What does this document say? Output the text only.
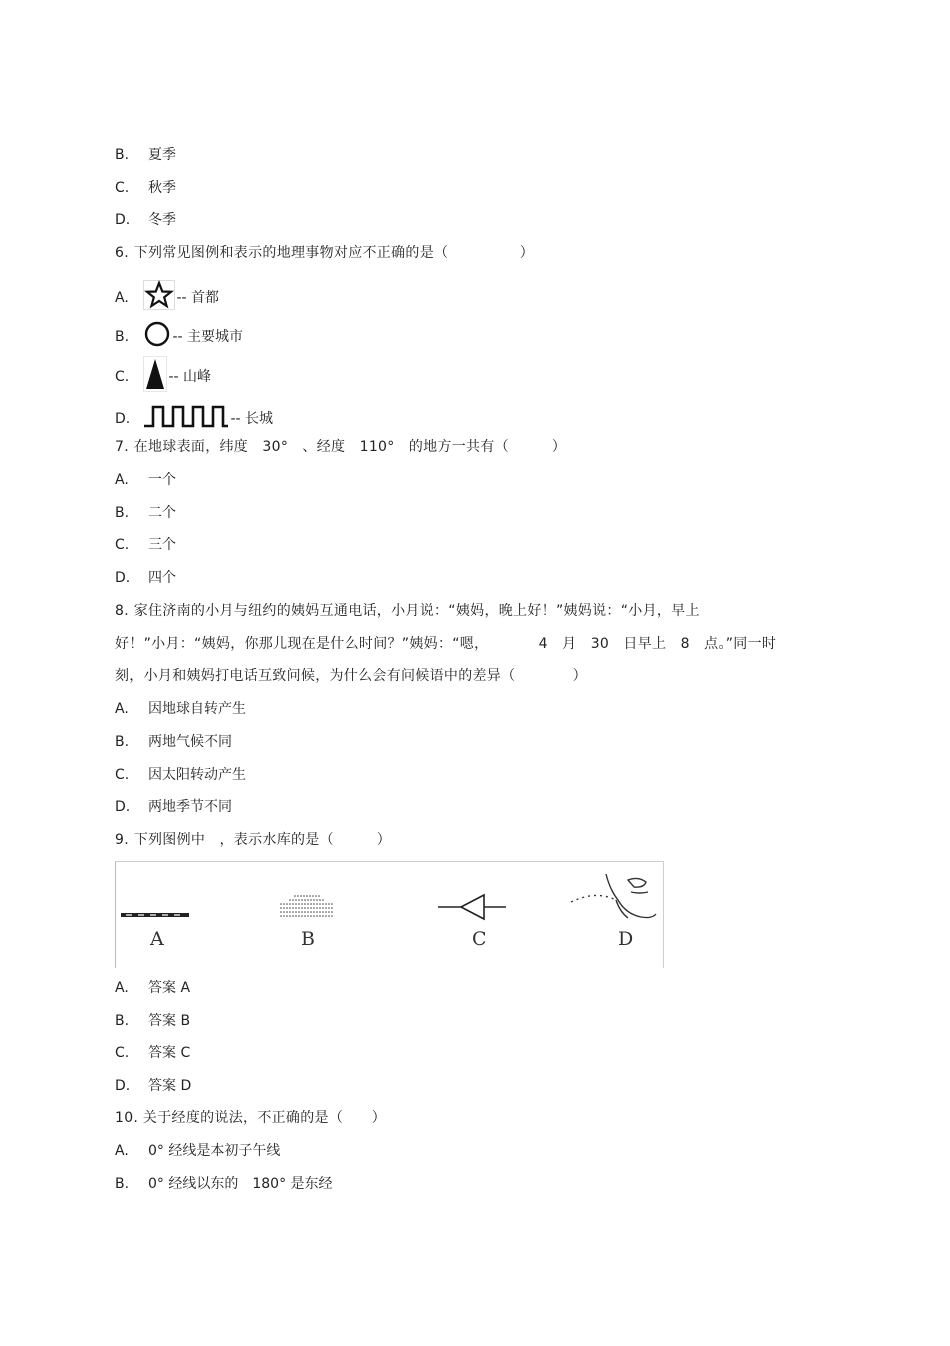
B. 夏季
C. 秋季
D. 冬季
6. 下列常见图例和表示的地理事物对应不正确的是（　　　　　）
A.	-- 首都
B.	-- 主要城市
C.	-- 山峰
D.	-- 长城
7. 在地球表面，纬度　30°　、经度　110°　的地方一共有（　　　）
A. 一个
B. 二个
C. 三个
D. 四个
8. 家住济南的小月与纽约的姨妈互通电话，小月说：“姨妈，晚上好！”姨妈说：“小月，早上
好！”小月：“姨妈，你那儿现在是什么时间？”姨妈：“嗯，　　　　4　月　30　日早上　8　点。”同一时
刻，小月和姨妈打电话互致问候，为什么会有问候语中的差异（　　　　）
A. 因地球自转产生
B. 两地气候不同
C. 因太阳转动产生
D. 两地季节不同
9. 下列图例中　，表示水库的是（　　　）
A	B	C	D
A. 答案 A
B. 答案 B
C. 答案 C
D. 答案 D
10. 关于经度的说法，不正确的是（　　）
A. 0° 经线是本初子午线
B. 0° 经线以东的　180° 是东经
